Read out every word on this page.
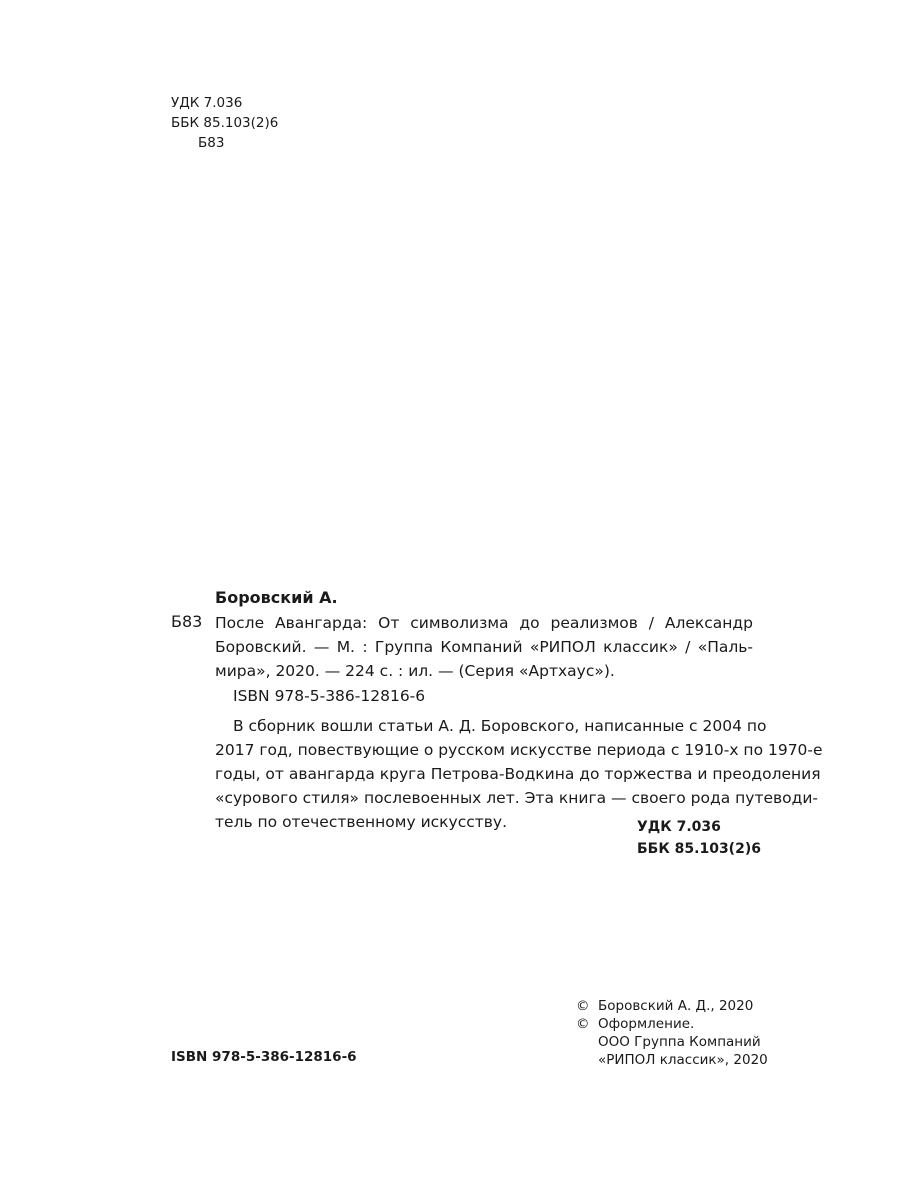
УДК 7.036
ББК 85.103(2)6
Б83
Боровский А.
Б83 После Авангарда: От символизма до реализмов / Александр
Боровский. — М. : Группа Компаний «РИПОЛ классик» / «Паль-
мира», 2020. — 224 с. : ил. — (Серия «Артхаус»).
ISBN 978-5-386-12816-6
В сборник вошли статьи А. Д. Боровского, написанные с 2004 по
2017 год, повествующие о русском искусстве периода с 1910-х по 1970-е
годы, от авангарда круга Петрова-Водкина до торжества и преодоления
«сурового стиля» послевоенных лет. Эта книга — своего рода путеводи-
тель по отечественному искусству.	УДК 7.036
ББК 85.103(2)6
© Боровский А. Д., 2020
© Оформление.
ООО Группа Компаний
«РИПОЛ классик», 2020
ISBN 978-5-386-12816-6
